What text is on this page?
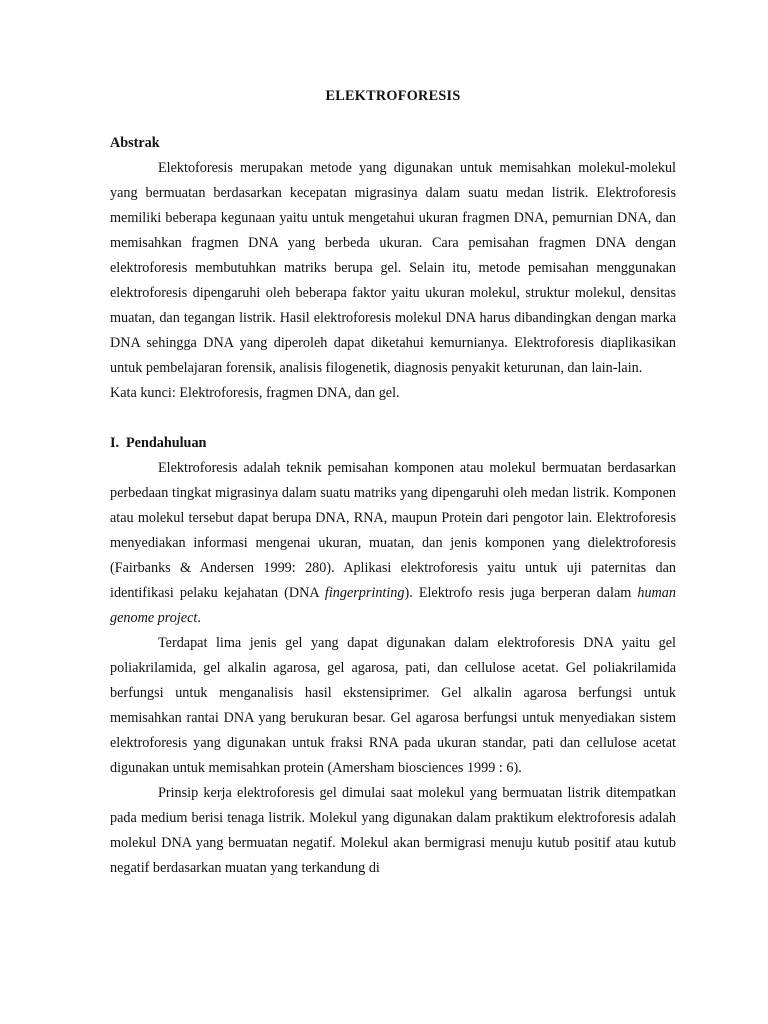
ELEKTROFORESIS
Abstrak

Elektoforesis merupakan metode yang digunakan untuk memisahkan molekul-molekul yang bermuatan berdasarkan kecepatan migrasinya dalam suatu medan listrik. Elektroforesis memiliki beberapa kegunaan yaitu untuk mengetahui ukuran fragmen DNA, pemurnian DNA, dan memisahkan fragmen DNA yang berbeda ukuran. Cara pemisahan fragmen DNA dengan elektroforesis membutuhkan matriks berupa gel. Selain itu, metode pemisahan menggunakan elektroforesis dipengaruhi oleh beberapa faktor yaitu ukuran molekul, struktur molekul, densitas muatan, dan tegangan listrik. Hasil elektroforesis molekul DNA harus dibandingkan dengan marka DNA sehingga DNA yang diperoleh dapat diketahui kemurnianya. Elektroforesis diaplikasikan untuk pembelajaran forensik, analisis filogenetik, diagnosis penyakit keturunan, dan lain-lain.

Kata kunci: Elektroforesis, fragmen DNA, dan gel.

I. Pendahuluan

Elektroforesis adalah teknik pemisahan komponen atau molekul bermuatan berdasarkan perbedaan tingkat migrasinya dalam suatu matriks yang dipengaruhi oleh medan listrik. Komponen atau molekul tersebut dapat berupa DNA, RNA, maupun Protein dari pengotor lain. Elektroforesis menyediakan informasi mengenai ukuran, muatan, dan jenis komponen yang dielektroforesis (Fairbanks & Andersen 1999: 280). Aplikasi elektroforesis yaitu untuk uji paternitas dan identifikasi pelaku kejahatan (DNA fingerprinting). Elektrofo resis juga berperan dalam human genome project.

Terdapat lima jenis gel yang dapat digunakan dalam elektroforesis DNA yaitu gel poliakrilamida, gel alkalin agarosa, gel agarosa, pati, dan cellulose acetat. Gel poliakrilamida berfungsi untuk menganalisis hasil ekstensiprimer. Gel alkalin agarosa berfungsi untuk memisahkan rantai DNA yang berukuran besar. Gel agarosa berfungsi untuk menyediakan sistem elektroforesis yang digunakan untuk fraksi RNA pada ukuran standar, pati dan cellulose acetat digunakan untuk memisahkan protein (Amersham biosciences 1999 : 6).

Prinsip kerja elektroforesis gel dimulai saat molekul yang bermuatan listrik ditempatkan pada medium berisi tenaga listrik. Molekul yang digunakan dalam praktikum elektroforesis adalah molekul DNA yang bermuatan negatif. Molekul akan bermigrasi menuju kutub positif atau kutub negatif berdasarkan muatan yang terkandung di
